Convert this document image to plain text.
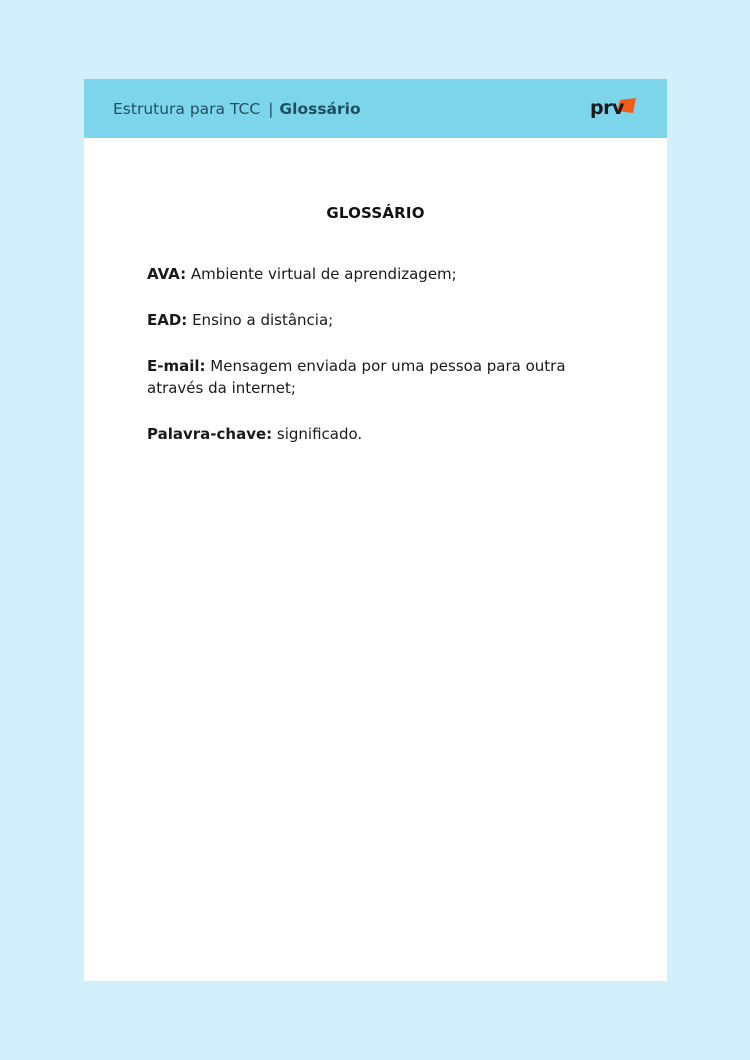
Estrutura para TCC | Glossário	prv
GLOSSÁRIO
AVA: Ambiente virtual de aprendizagem;
EAD: Ensino a distância;
E-mail: Mensagem enviada por uma pessoa para outra através da internet;
Palavra-chave: significado.
